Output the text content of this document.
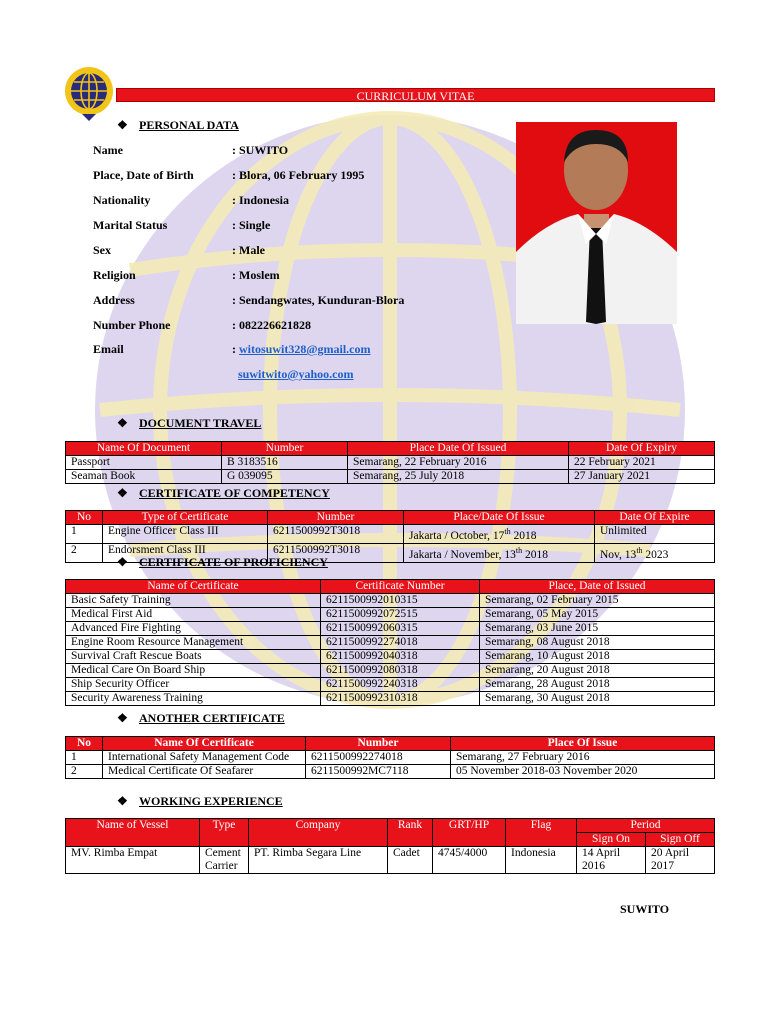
CURRICULUM VITAE
❖ PERSONAL DATA
Name	: SUWITO
Place, Date of Birth	: Blora, 06 February 1995
Nationality	: Indonesia
Marital Status	: Single
Sex	: Male
Religion	: Moslem
Address	: Sendangwates, Kunduran-Blora
Number Phone	: 082226621828
Email	: witosuwit328@gmail.com
suwitwito@yahoo.com
❖ DOCUMENT TRAVEL
Name Of Document	Number	Place Date Of Issued	Date Of Expiry
Passport	B 3183516	Semarang, 22 February 2016	22 February 2021
Seaman Book	G 039095	Semarang, 25 July 2018	27 January 2021
❖ CERTIFICATE OF COMPETENCY
No	Type of Certificate	Number	Place/Date Of Issue	Date Of Expire
1	Engine Officer Class III	6211500992T3018	Jakarta / October, 17th 2018	Unlimited
2	Endorsment Class III	6211500992T3018	Jakarta / November, 13th 2018	Nov, 13th 2023
❖ CERTIFICATE OF PROFICIENCY
Name of Certificate	Certificate Number	Place, Date of Issued
Basic Safety Training	6211500992010315	Semarang, 02 February 2015
Medical First Aid	6211500992072515	Semarang, 05 May 2015
Advanced Fire Fighting	6211500992060315	Semarang, 03 June 2015
Engine Room Resource Management	6211500992274018	Semarang, 08 August 2018
Survival Craft Rescue Boats	6211500992040318	Semarang, 10 August 2018
Medical Care On Board Ship	6211500992080318	Semarang, 20 August 2018
Ship Security Officer	6211500992240318	Semarang, 28 August 2018
Security Awareness Training	6211500992310318	Semarang, 30 August 2018
❖ ANOTHER CERTIFICATE
No	Name Of Certificate	Number	Place Of Issue
1	International Safety Management Code	6211500992274018	Semarang, 27 February 2016
2	Medical Certificate Of Seafarer	6211500992MC7118	05 November 2018-03 November 2020
❖ WORKING EXPERIENCE
Name of Vessel	Type	Company	Rank	GRT/HP	Flag	Period	
						Sign On	Sign Off
MV. Rimba Empat	Cement Carrier	PT. Rimba Segara Line	Cadet	4745/4000	Indonesia	14 April 2016	20 April 2017
SUWITO
